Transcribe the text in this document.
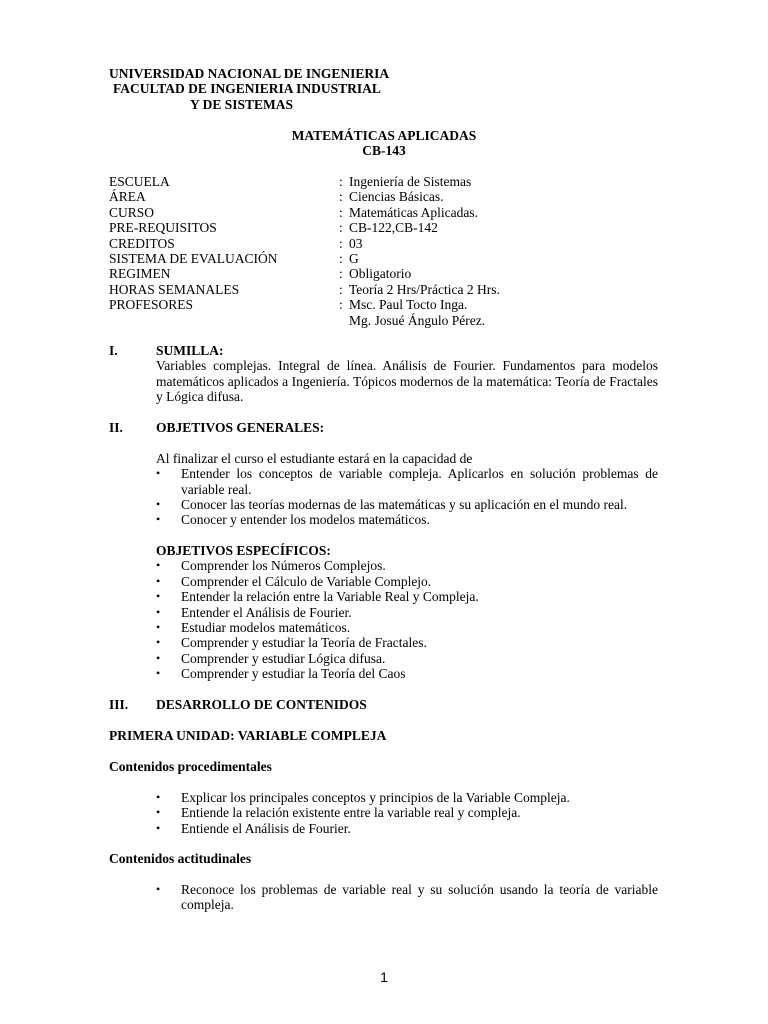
UNIVERSIDAD NACIONAL DE INGENIERIA
FACULTAD DE INGENIERIA INDUSTRIAL
Y DE SISTEMAS
MATEMÁTICAS APLICADAS
CB-143
ESCUELA	: Ingeniería de Sistemas
ÁREA	: Ciencias Básicas.
CURSO	: Matemáticas Aplicadas.
PRE-REQUISITOS	: CB-122,CB-142
CREDITOS	: 03
SISTEMA DE EVALUACIÓN	: G
REGIMEN	: Obligatorio
HORAS SEMANALES	: Teoría 2 Hrs/Práctica 2 Hrs.
PROFESORES	: Msc. Paul Tocto Inga.
Mg. Josué Ángulo Pérez.
I.	SUMILLA:
Variables complejas. Integral de línea. Análisis de Fourier. Fundamentos para modelos matemáticos aplicados a Ingeniería. Tópicos modernos de la matemática: Teoría de Fractales y Lógica difusa.
II. OBJETIVOS GENERALES:
Al finalizar el curso el estudiante estará en la capacidad de
• Entender los conceptos de variable compleja. Aplicarlos en solución problemas de variable real.
• Conocer las teorías modernas de las matemáticas y su aplicación en el mundo real.
• Conocer y entender los modelos matemáticos.
OBJETIVOS ESPECÍFICOS:
• Comprender los Números Complejos.
• Comprender el Cálculo de Variable Complejo.
• Entender la relación entre la Variable Real y Compleja.
• Entender el Análisis de Fourier.
• Estudiar modelos matemáticos.
• Comprender y estudiar la Teoría de Fractales.
• Comprender y estudiar Lógica difusa.
• Comprender y estudiar la Teoría del Caos
III. DESARROLLO DE CONTENIDOS
PRIMERA UNIDAD: VARIABLE COMPLEJA
Contenidos procedimentales
• Explicar los principales conceptos y principios de la Variable Compleja.
• Entiende la relación existente entre la variable real y compleja.
• Entiende el Análisis de Fourier.
Contenidos actitudinales
• Reconoce los problemas de variable real y su solución usando la teoría de variable compleja.
1
